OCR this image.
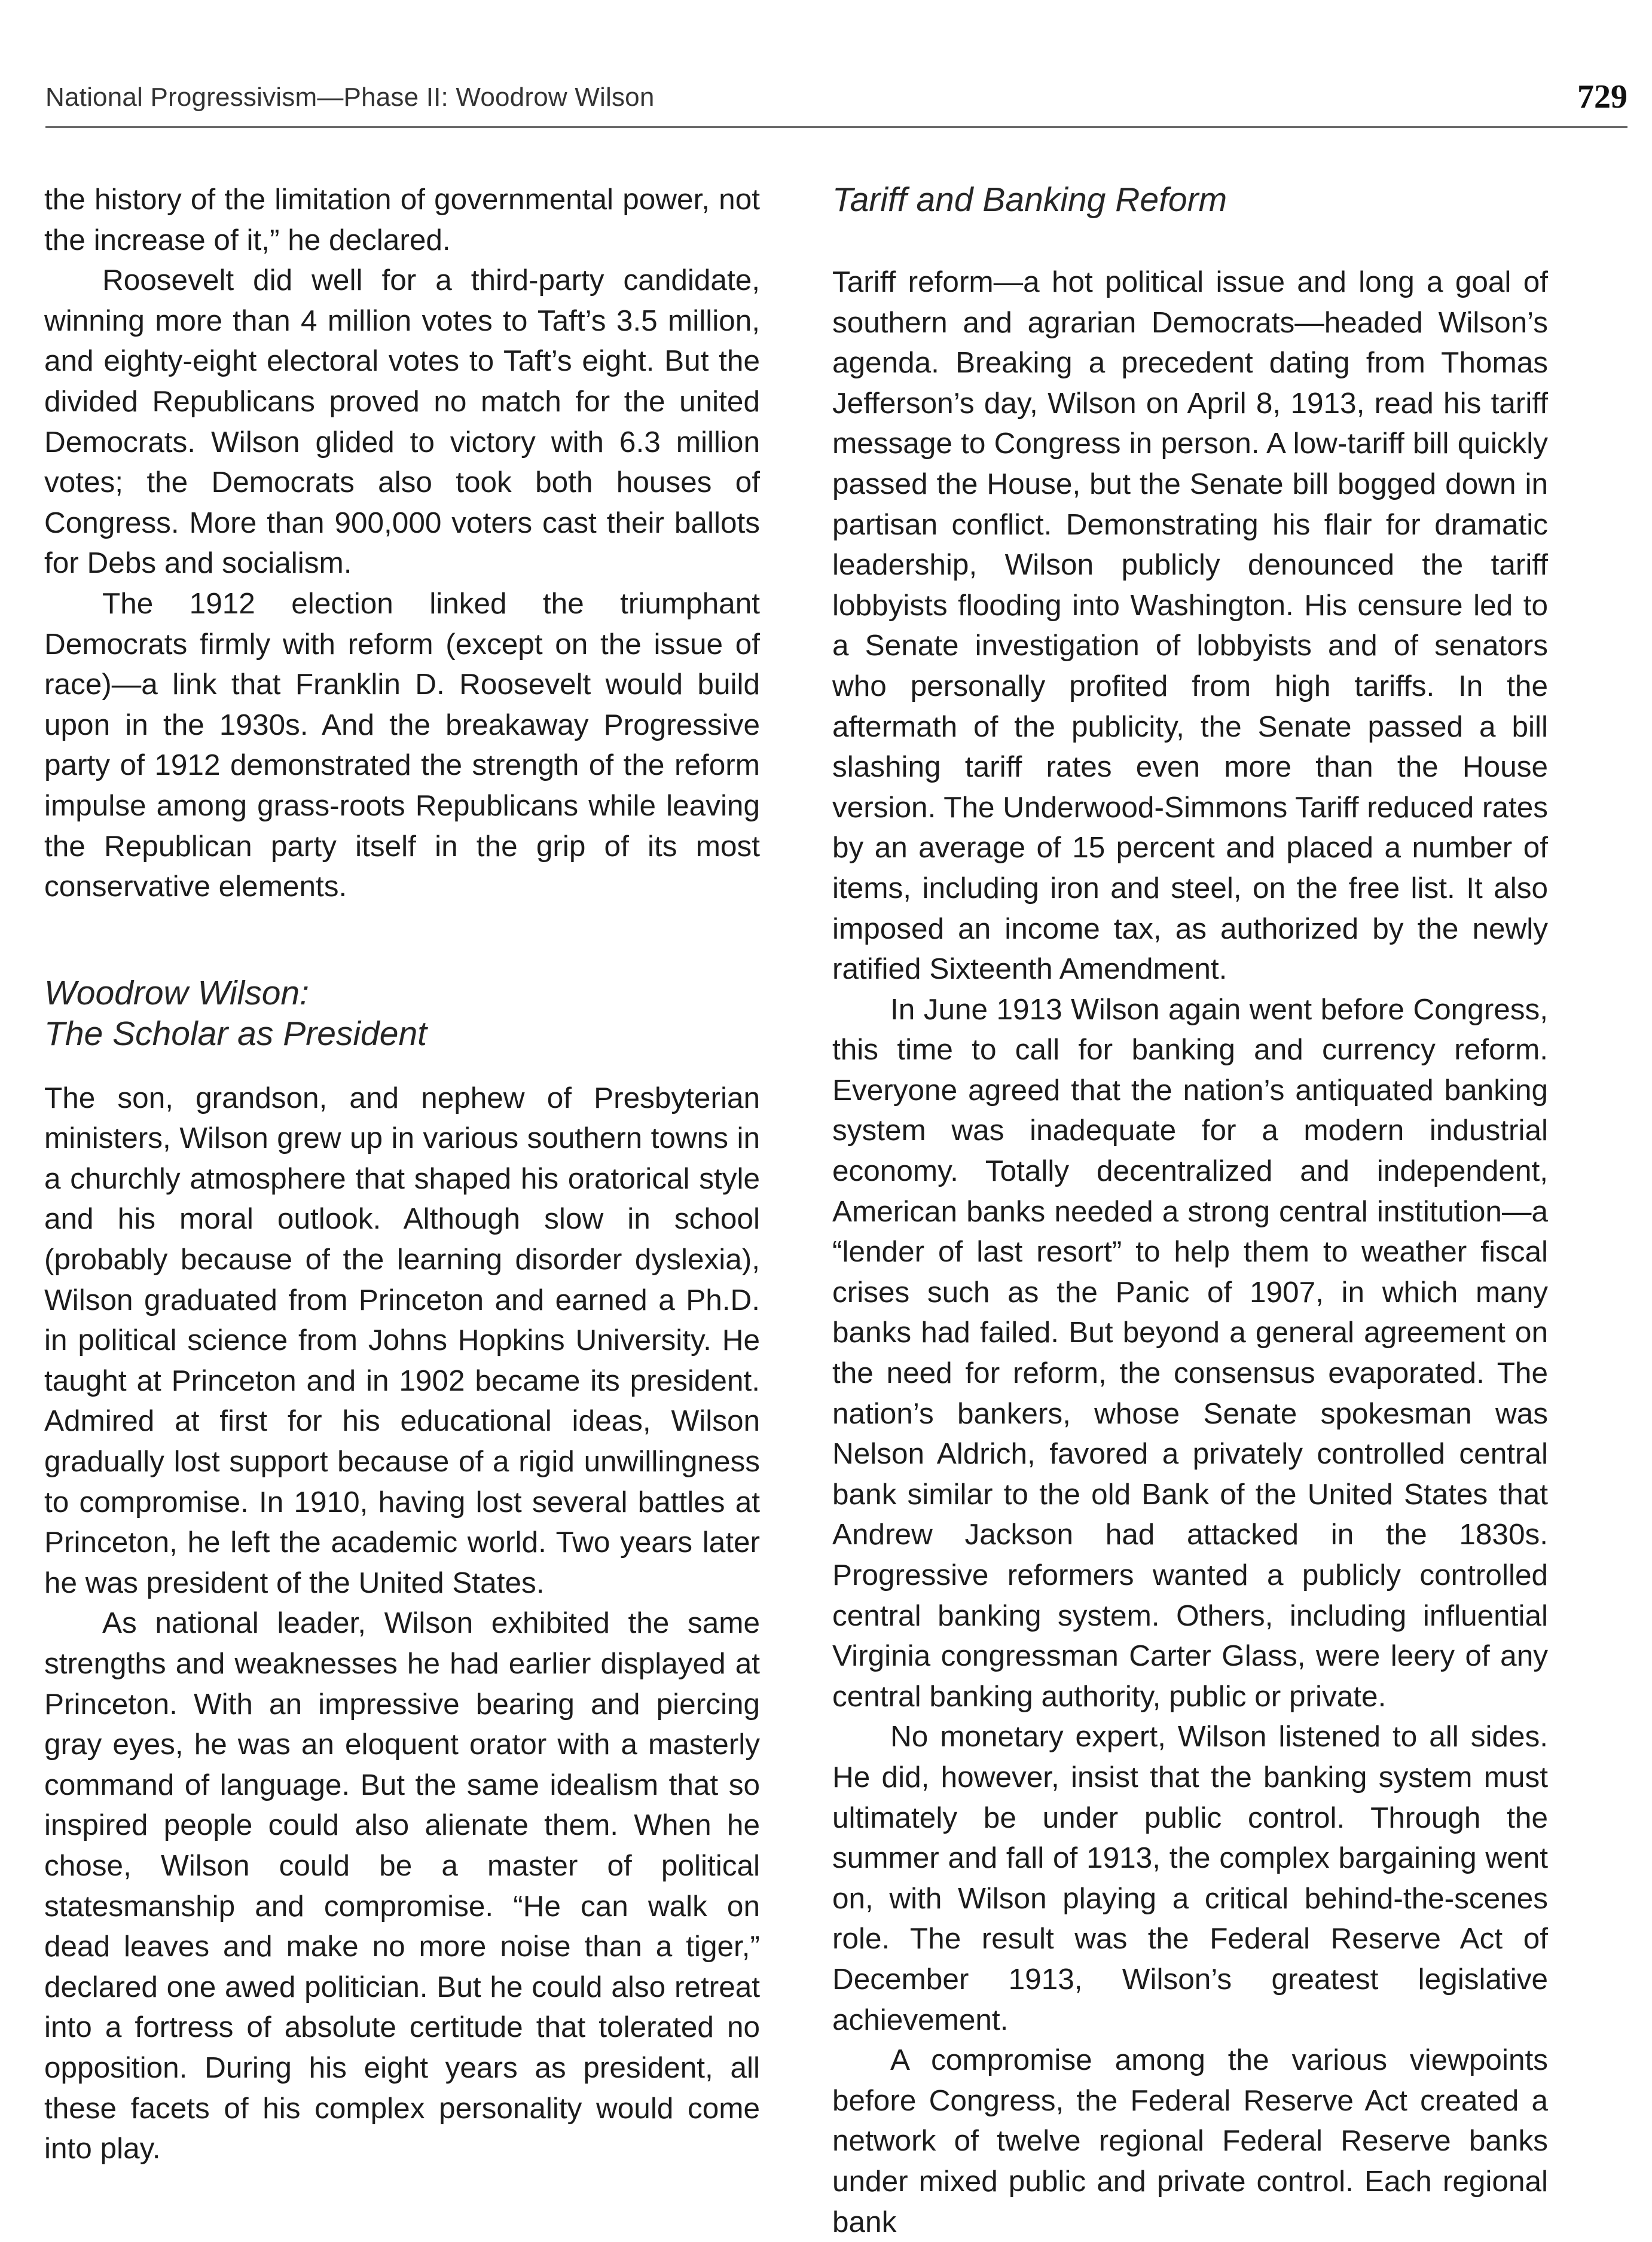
National Progressivism—Phase II: Woodrow Wilson	729

the history of the limitation of governmental power, not the increase of it,” he declared.

Roosevelt did well for a third-party candidate, winning more than 4 million votes to Taft’s 3.5 million, and eighty-eight electoral votes to Taft’s eight. But the divided Republicans proved no match for the united Democrats. Wilson glided to victory with 6.3 million votes; the Democrats also took both houses of Congress. More than 900,000 voters cast their ballots for Debs and socialism.

The 1912 election linked the triumphant Democrats firmly with reform (except on the issue of race)—a link that Franklin D. Roosevelt would build upon in the 1930s. And the breakaway Progressive party of 1912 demonstrated the strength of the reform impulse among grass-roots Republicans while leaving the Republican party itself in the grip of its most conservative elements.

Woodrow Wilson:
The Scholar as President

The son, grandson, and nephew of Presbyterian ministers, Wilson grew up in various southern towns in a churchly atmosphere that shaped his oratorical style and his moral outlook. Although slow in school (probably because of the learning disorder dyslexia), Wilson graduated from Princeton and earned a Ph.D. in political science from Johns Hopkins University. He taught at Princeton and in 1902 became its president. Admired at first for his educational ideas, Wilson gradually lost support because of a rigid unwillingness to compromise. In 1910, having lost several battles at Princeton, he left the academic world. Two years later he was president of the United States.

As national leader, Wilson exhibited the same strengths and weaknesses he had earlier displayed at Princeton. With an impressive bearing and piercing gray eyes, he was an eloquent orator with a masterly command of language. But the same idealism that so inspired people could also alienate them. When he chose, Wilson could be a master of political statesmanship and compromise. “He can walk on dead leaves and make no more noise than a tiger,” declared one awed politician. But he could also retreat into a fortress of absolute certitude that tolerated no opposition. During his eight years as president, all these facets of his complex personality would come into play.

Tariff and Banking Reform

Tariff reform—a hot political issue and long a goal of southern and agrarian Democrats—headed Wilson’s agenda. Breaking a precedent dating from Thomas Jefferson’s day, Wilson on April 8, 1913, read his tariff message to Congress in person. A low-tariff bill quickly passed the House, but the Senate bill bogged down in partisan conflict. Demonstrating his flair for dramatic leadership, Wilson publicly denounced the tariff lobbyists flooding into Washington. His censure led to a Senate investigation of lobbyists and of senators who personally profited from high tariffs. In the aftermath of the publicity, the Senate passed a bill slashing tariff rates even more than the House version. The Underwood-Simmons Tariff reduced rates by an average of 15 percent and placed a number of items, including iron and steel, on the free list. It also imposed an income tax, as authorized by the newly ratified Sixteenth Amendment.

In June 1913 Wilson again went before Congress, this time to call for banking and currency reform. Everyone agreed that the nation’s antiquated banking system was inadequate for a modern industrial economy. Totally decentralized and independent, American banks needed a strong central institution—a “lender of last resort” to help them to weather fiscal crises such as the Panic of 1907, in which many banks had failed. But beyond a general agreement on the need for reform, the consensus evaporated. The nation’s bankers, whose Senate spokesman was Nelson Aldrich, favored a privately controlled central bank similar to the old Bank of the United States that Andrew Jackson had attacked in the 1830s. Progressive reformers wanted a publicly controlled central banking system. Others, including influential Virginia congressman Carter Glass, were leery of any central banking authority, public or private.

No monetary expert, Wilson listened to all sides. He did, however, insist that the banking system must ultimately be under public control. Through the summer and fall of 1913, the complex bargaining went on, with Wilson playing a critical behind-the-scenes role. The result was the Federal Reserve Act of December 1913, Wilson’s greatest legislative achievement.

A compromise among the various viewpoints before Congress, the Federal Reserve Act created a network of twelve regional Federal Reserve banks under mixed public and private control. Each regional bank
